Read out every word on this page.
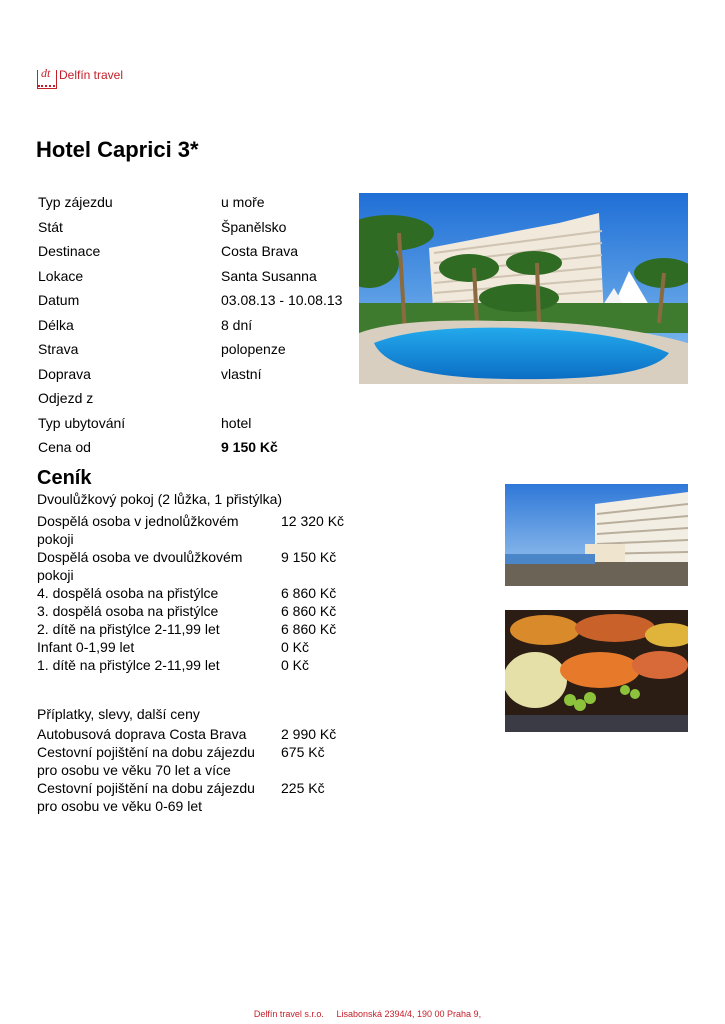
dt Delfín travel
Hotel Caprici 3*
Typ zájezdu	u moře
Stát	Španělsko
Destinace	Costa Brava
Lokace	Santa Susanna
Datum	03.08.13 - 10.08.13
Délka	8 dní
Strava	polopenze
Doprava	vlastní
Odjezd z	
Typ ubytování	hotel
Cena od	9 150 Kč
Ceník
Dvoulůžkový pokoj (2 lůžka, 1 přistýlka)
Dospělá osoba v jednolůžkovém pokoji	12 320 Kč
Dospělá osoba ve dvoulůžkovém pokoji	9 150 Kč
4. dospělá osoba na přistýlce	6 860 Kč
3. dospělá osoba na přistýlce	6 860 Kč
2. dítě na přistýlce 2-11,99 let	6 860 Kč
Infant 0-1,99 let	0 Kč
1. dítě na přistýlce 2-11,99 let	0 Kč
Příplatky, slevy, další ceny
Autobusová doprava Costa Brava	2 990 Kč
Cestovní pojištění na dobu zájezdu pro osobu ve věku 70 let a více	675 Kč
Cestovní pojištění na dobu zájezdu pro osobu ve věku 0-69 let	225 Kč
Delfín travel s.r.o. Lisabonská 2394/4, 190 00 Praha 9,
